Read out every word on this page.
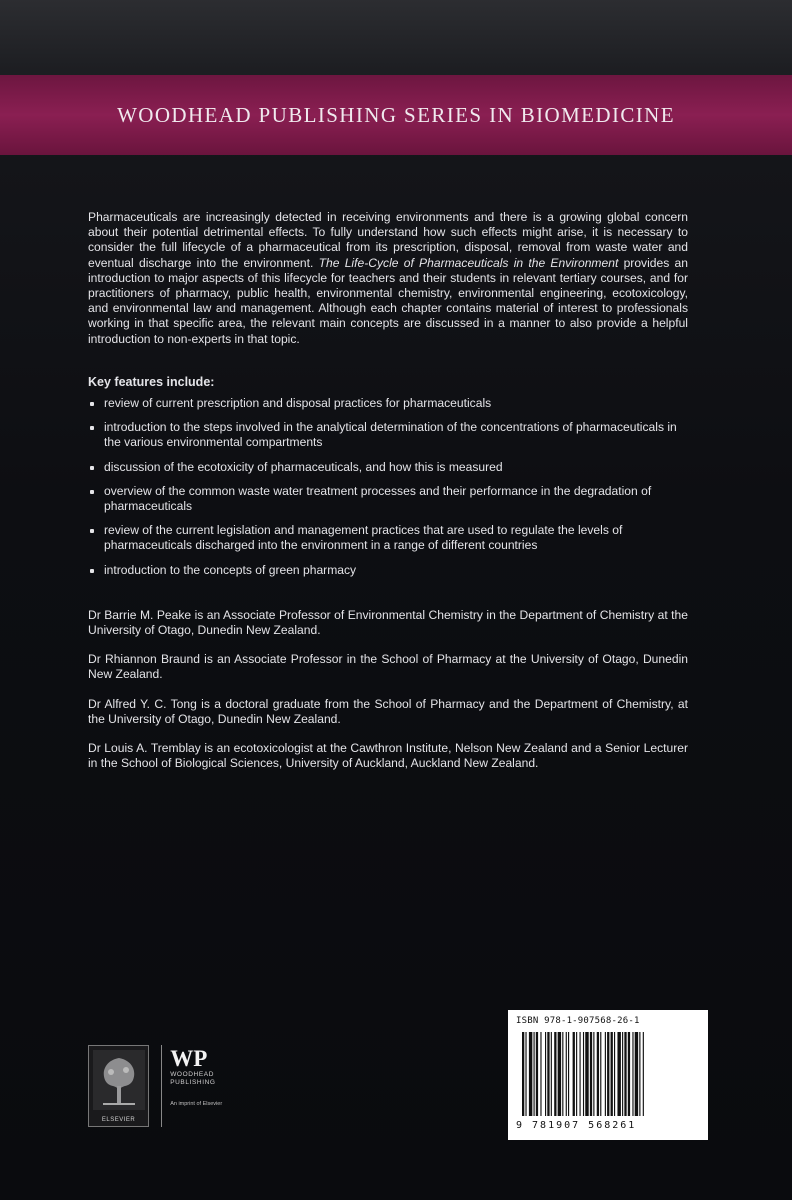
WOODHEAD PUBLISHING SERIES IN BIOMEDICINE

Pharmaceuticals are increasingly detected in receiving environments and there is a growing global concern about their potential detrimental effects. To fully understand how such effects might arise, it is necessary to consider the full lifecycle of a pharmaceutical from its prescription, disposal, removal from waste water and eventual discharge into the environment. The Life-Cycle of Pharmaceuticals in the Environment provides an introduction to major aspects of this lifecycle for teachers and their students in relevant tertiary courses, and for practitioners of pharmacy, public health, environmental chemistry, environmental engineering, ecotoxicology, and environmental law and management. Although each chapter contains material of interest to professionals working in that specific area, the relevant main concepts are discussed in a manner to also provide a helpful introduction to non-experts in that topic.

Key features include:
review of current prescription and disposal practices for pharmaceuticals
introduction to the steps involved in the analytical determination of the concentrations of pharmaceuticals in the various environmental compartments
discussion of the ecotoxicity of pharmaceuticals, and how this is measured
overview of the common waste water treatment processes and their performance in the degradation of pharmaceuticals
review of the current legislation and management practices that are used to regulate the levels of pharmaceuticals discharged into the environment in a range of different countries
introduction to the concepts of green pharmacy

Dr Barrie M. Peake is an Associate Professor of Environmental Chemistry in the Department of Chemistry at the University of Otago, Dunedin New Zealand.

Dr Rhiannon Braund is an Associate Professor in the School of Pharmacy at the University of Otago, Dunedin New Zealand.

Dr Alfred Y. C. Tong is a doctoral graduate from the School of Pharmacy and the Department of Chemistry, at the University of Otago, Dunedin New Zealand.

Dr Louis A. Tremblay is an ecotoxicologist at the Cawthron Institute, Nelson New Zealand and a Senior Lecturer in the School of Biological Sciences, University of Auckland, Auckland New Zealand.

ELSEVIER
WP
WOODHEAD
PUBLISHING
An imprint of Elsevier
ISBN 978-1-907568-26-1
9 781907 568261
